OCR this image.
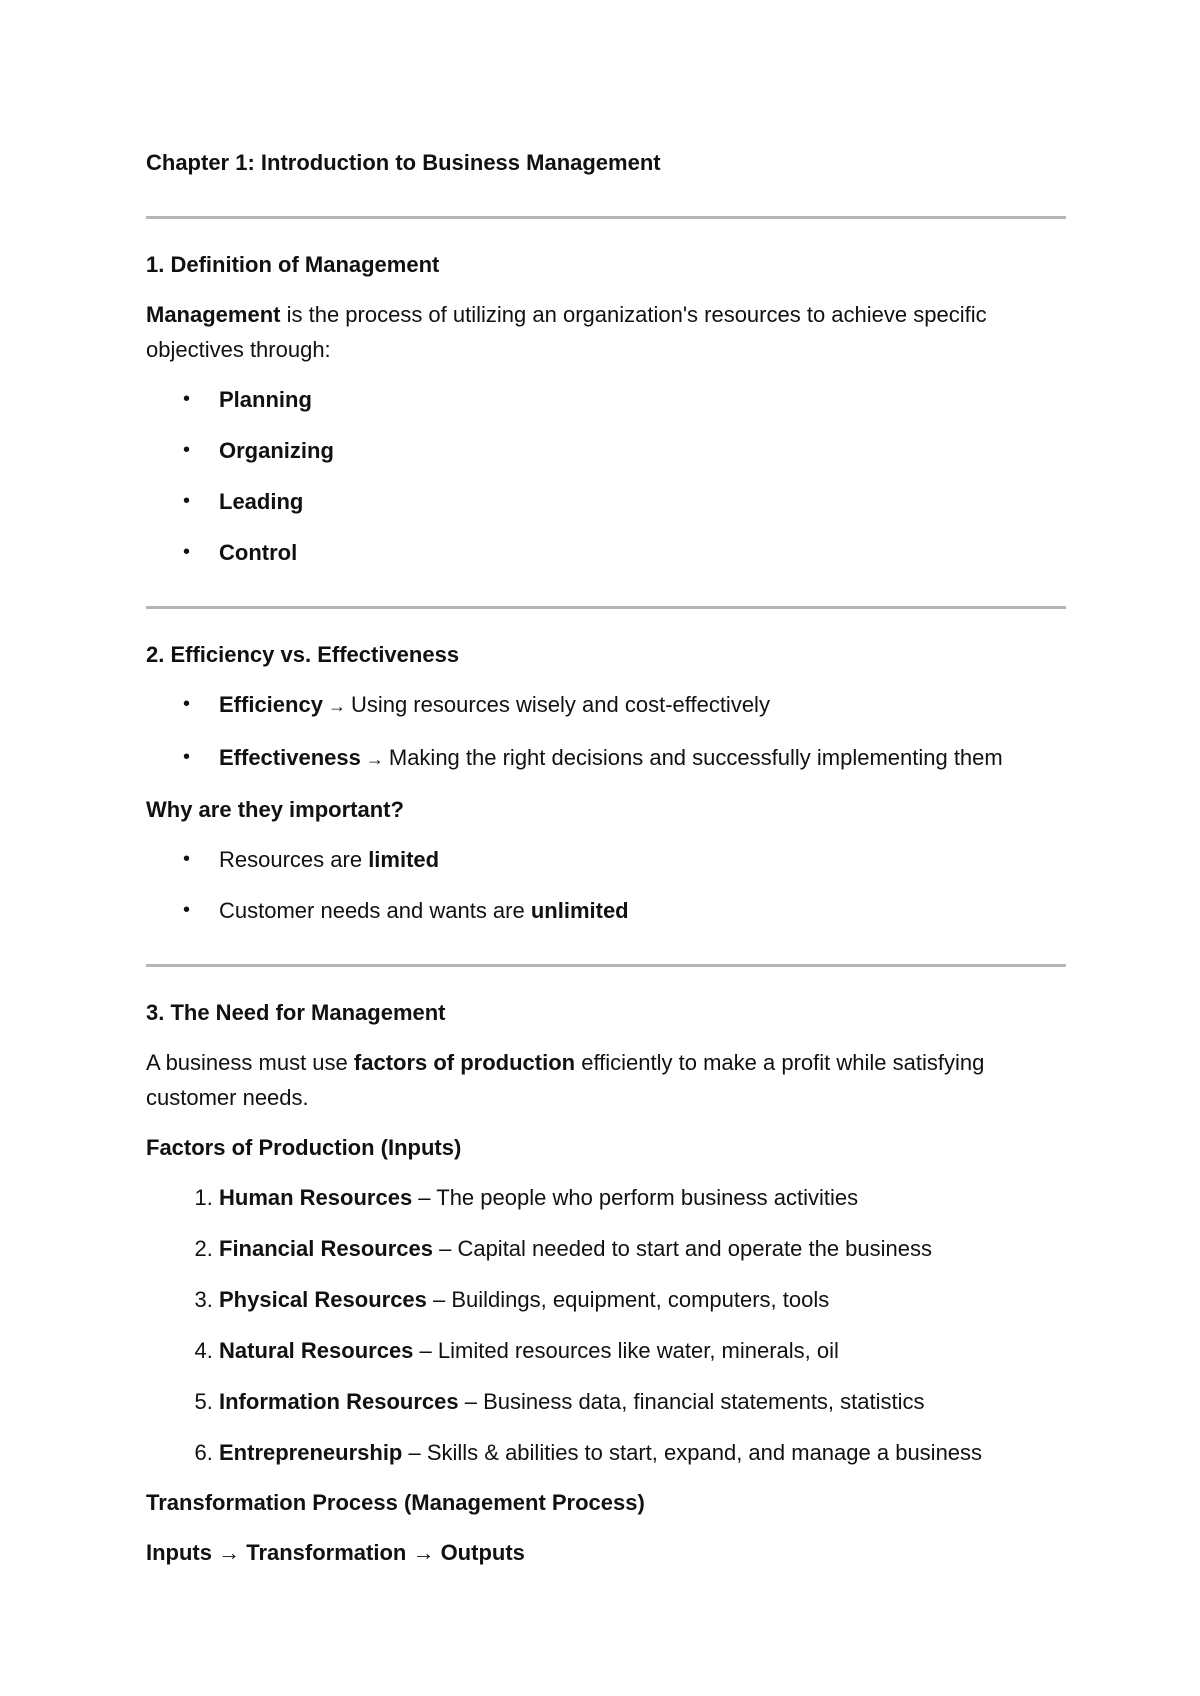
Chapter 1: Introduction to Business Management

1. Definition of Management

Management is the process of utilizing an organization's resources to achieve specific objectives through:

• Planning
• Organizing
• Leading
• Control
2. Efficiency vs. Effectiveness
• Efficiency → Using resources wisely and cost-effectively
• Effectiveness → Making the right decisions and successfully implementing them

Why are they important?

• Resources are limited
• Customer needs and wants are unlimited
3. The Need for Management

A business must use factors of production efficiently to make a profit while satisfying customer needs.

Factors of Production (Inputs)

1. Human Resources – The people who perform business activities
2. Financial Resources – Capital needed to start and operate the business
3. Physical Resources – Buildings, equipment, computers, tools
4. Natural Resources – Limited resources like water, minerals, oil
5. Information Resources – Business data, financial statements, statistics
6. Entrepreneurship – Skills & abilities to start, expand, and manage a business

Transformation Process (Management Process)

Inputs → Transformation → Outputs
